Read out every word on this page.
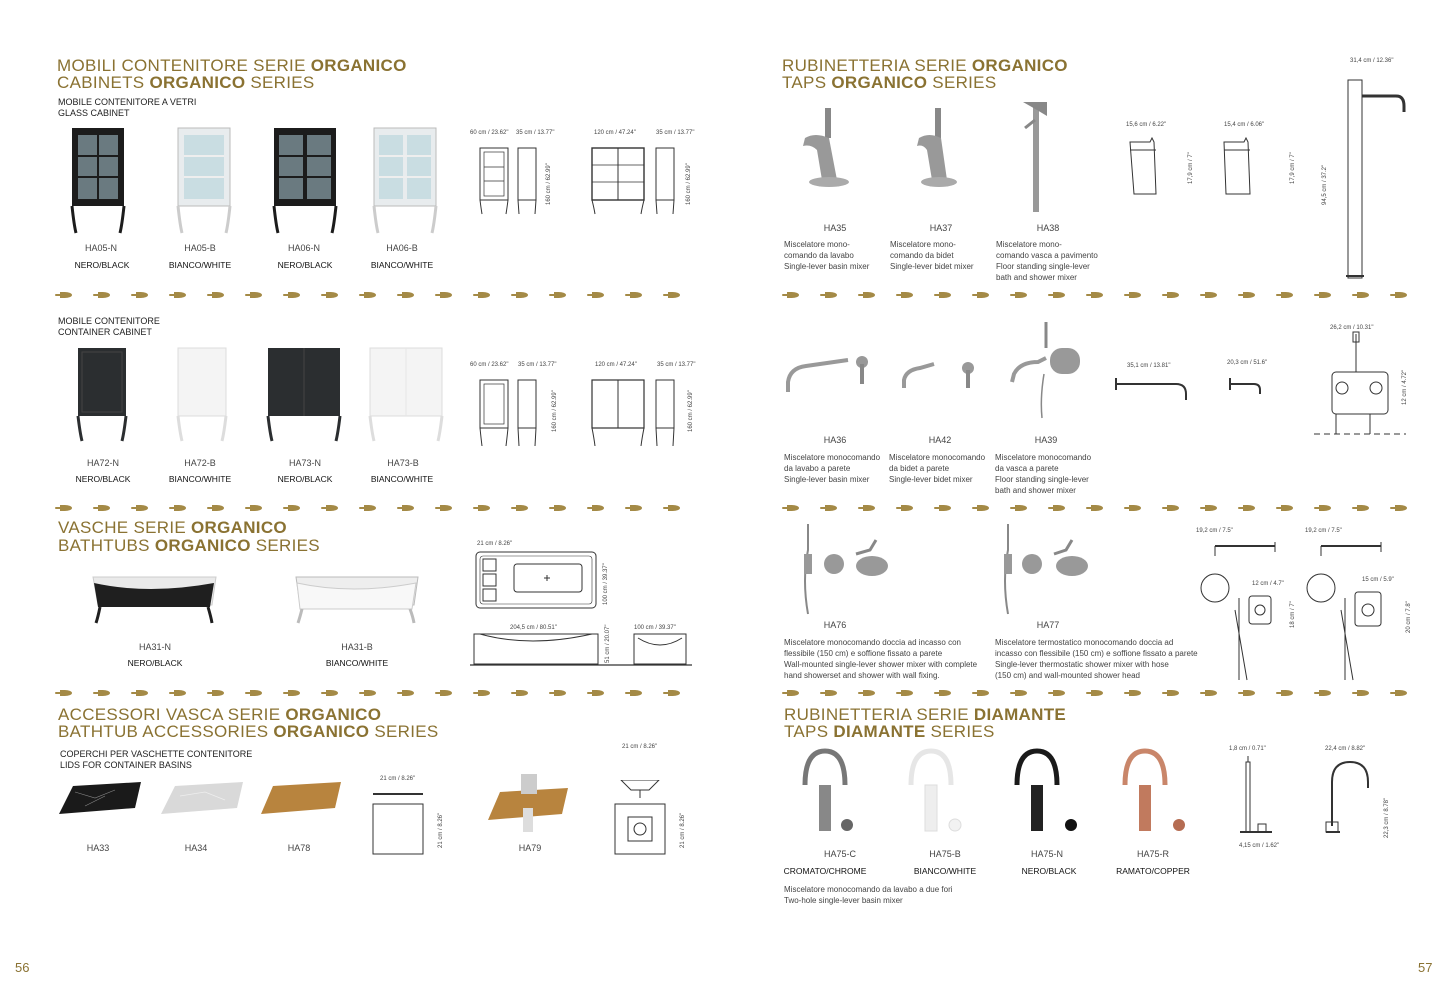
MOBILI CONTENITORE SERIE ORGANICO
CABINETS ORGANICO SERIES
MOBILE CONTENITORE A VETRI
GLASS CABINET
HA05-N	HA05-B	HA06-N	HA06-B
NERO/BLACK	BIANCO/WHITE	NERO/BLACK	BIANCO/WHITE
60 cm / 23.62" 35 cm / 13.77"	120 cm / 47.24"	35 cm / 13.77"
160 cm / 62.99"	160 cm / 62.99"
MOBILE CONTENITORE
CONTAINER CABINET
HA72-N	HA72-B	HA73-N	HA73-B
NERO/BLACK	BIANCO/WHITE	NERO/BLACK	BIANCO/WHITE
60 cm / 23.62" 35 cm / 13.77"	120 cm / 47.24"	35 cm / 13.77"
160 cm / 62.99"	160 cm / 62.99"
VASCHE SERIE ORGANICO
BATHTUBS ORGANICO SERIES
HA31-N	HA31-B
NERO/BLACK	BIANCO/WHITE
21 cm / 8.26"
100 cm / 39.37"
204,5 cm / 80.51"	51 cm / 20.07"	100 cm / 39.37"
ACCESSORI VASCA SERIE ORGANICO
BATHTUB ACCESSORIES ORGANICO SERIES
COPERCHI PER VASCHETTE CONTENITORE
LIDS FOR CONTAINER BASINS
HA33	HA34	HA78	HA79
21 cm / 8.26"
21 cm / 8.26"
21 cm / 8.26"
21 cm / 8.26"
56
RUBINETTERIA SERIE ORGANICO
TAPS ORGANICO SERIES
HA35	HA37	HA38
Miscelatore mono-
comando da lavabo
Single-lever basin mixer
Miscelatore mono-
comando da bidet
Single-lever bidet mixer
Miscelatore mono-
comando vasca a pavimento
Floor standing single-lever
bath and shower mixer
15,6 cm / 6.22"
17,9 cm / 7"
15,4 cm / 6.06"
17,9 cm / 7"
31,4 cm / 12.36"
94,5 cm / 37.2"
HA36	HA42	HA39
Miscelatore monocomando
da lavabo a parete
Single-lever basin mixer
Miscelatore monocomando
da bidet a parete
Single-lever bidet mixer
Miscelatore monocomando
da vasca a parete
Floor standing single-lever
bath and shower mixer
35,1 cm / 13.81"	20,3 cm / 51.6"
26,2 cm / 10.31"
12 cm / 4.72"
HA76	HA77
Miscelatore monocomando doccia ad incasso con
flessibile (150 cm) e soffione fissato a parete
Wall-mounted single-lever shower mixer with complete
hand showerset and shower with wall fixing.
Miscelatore termostatico monocomando doccia ad
incasso con flessibile (150 cm) e soffione fissato a parete
Single-lever thermostatic shower mixer with hose
(150 cm) and wall-mounted shower head
19,2 cm / 7.5"
12 cm / 4.7"
18 cm / 7"
19,2 cm / 7.5"
15 cm / 5.9"
20 cm / 7.8"
RUBINETTERIA SERIE DIAMANTE
TAPS DIAMANTE SERIES
HA75-C	HA75-B	HA75-N	HA75-R
CROMATO/CHROME	BIANCO/WHITE	NERO/BLACK	RAMATO/COPPER
Miscelatore monocomando da lavabo a due fori
Two-hole single-lever basin mixer
1,8 cm / 0.71"
4,15 cm / 1.62"
22,4 cm / 8.82"
22,3 cm / 8.78"
57
